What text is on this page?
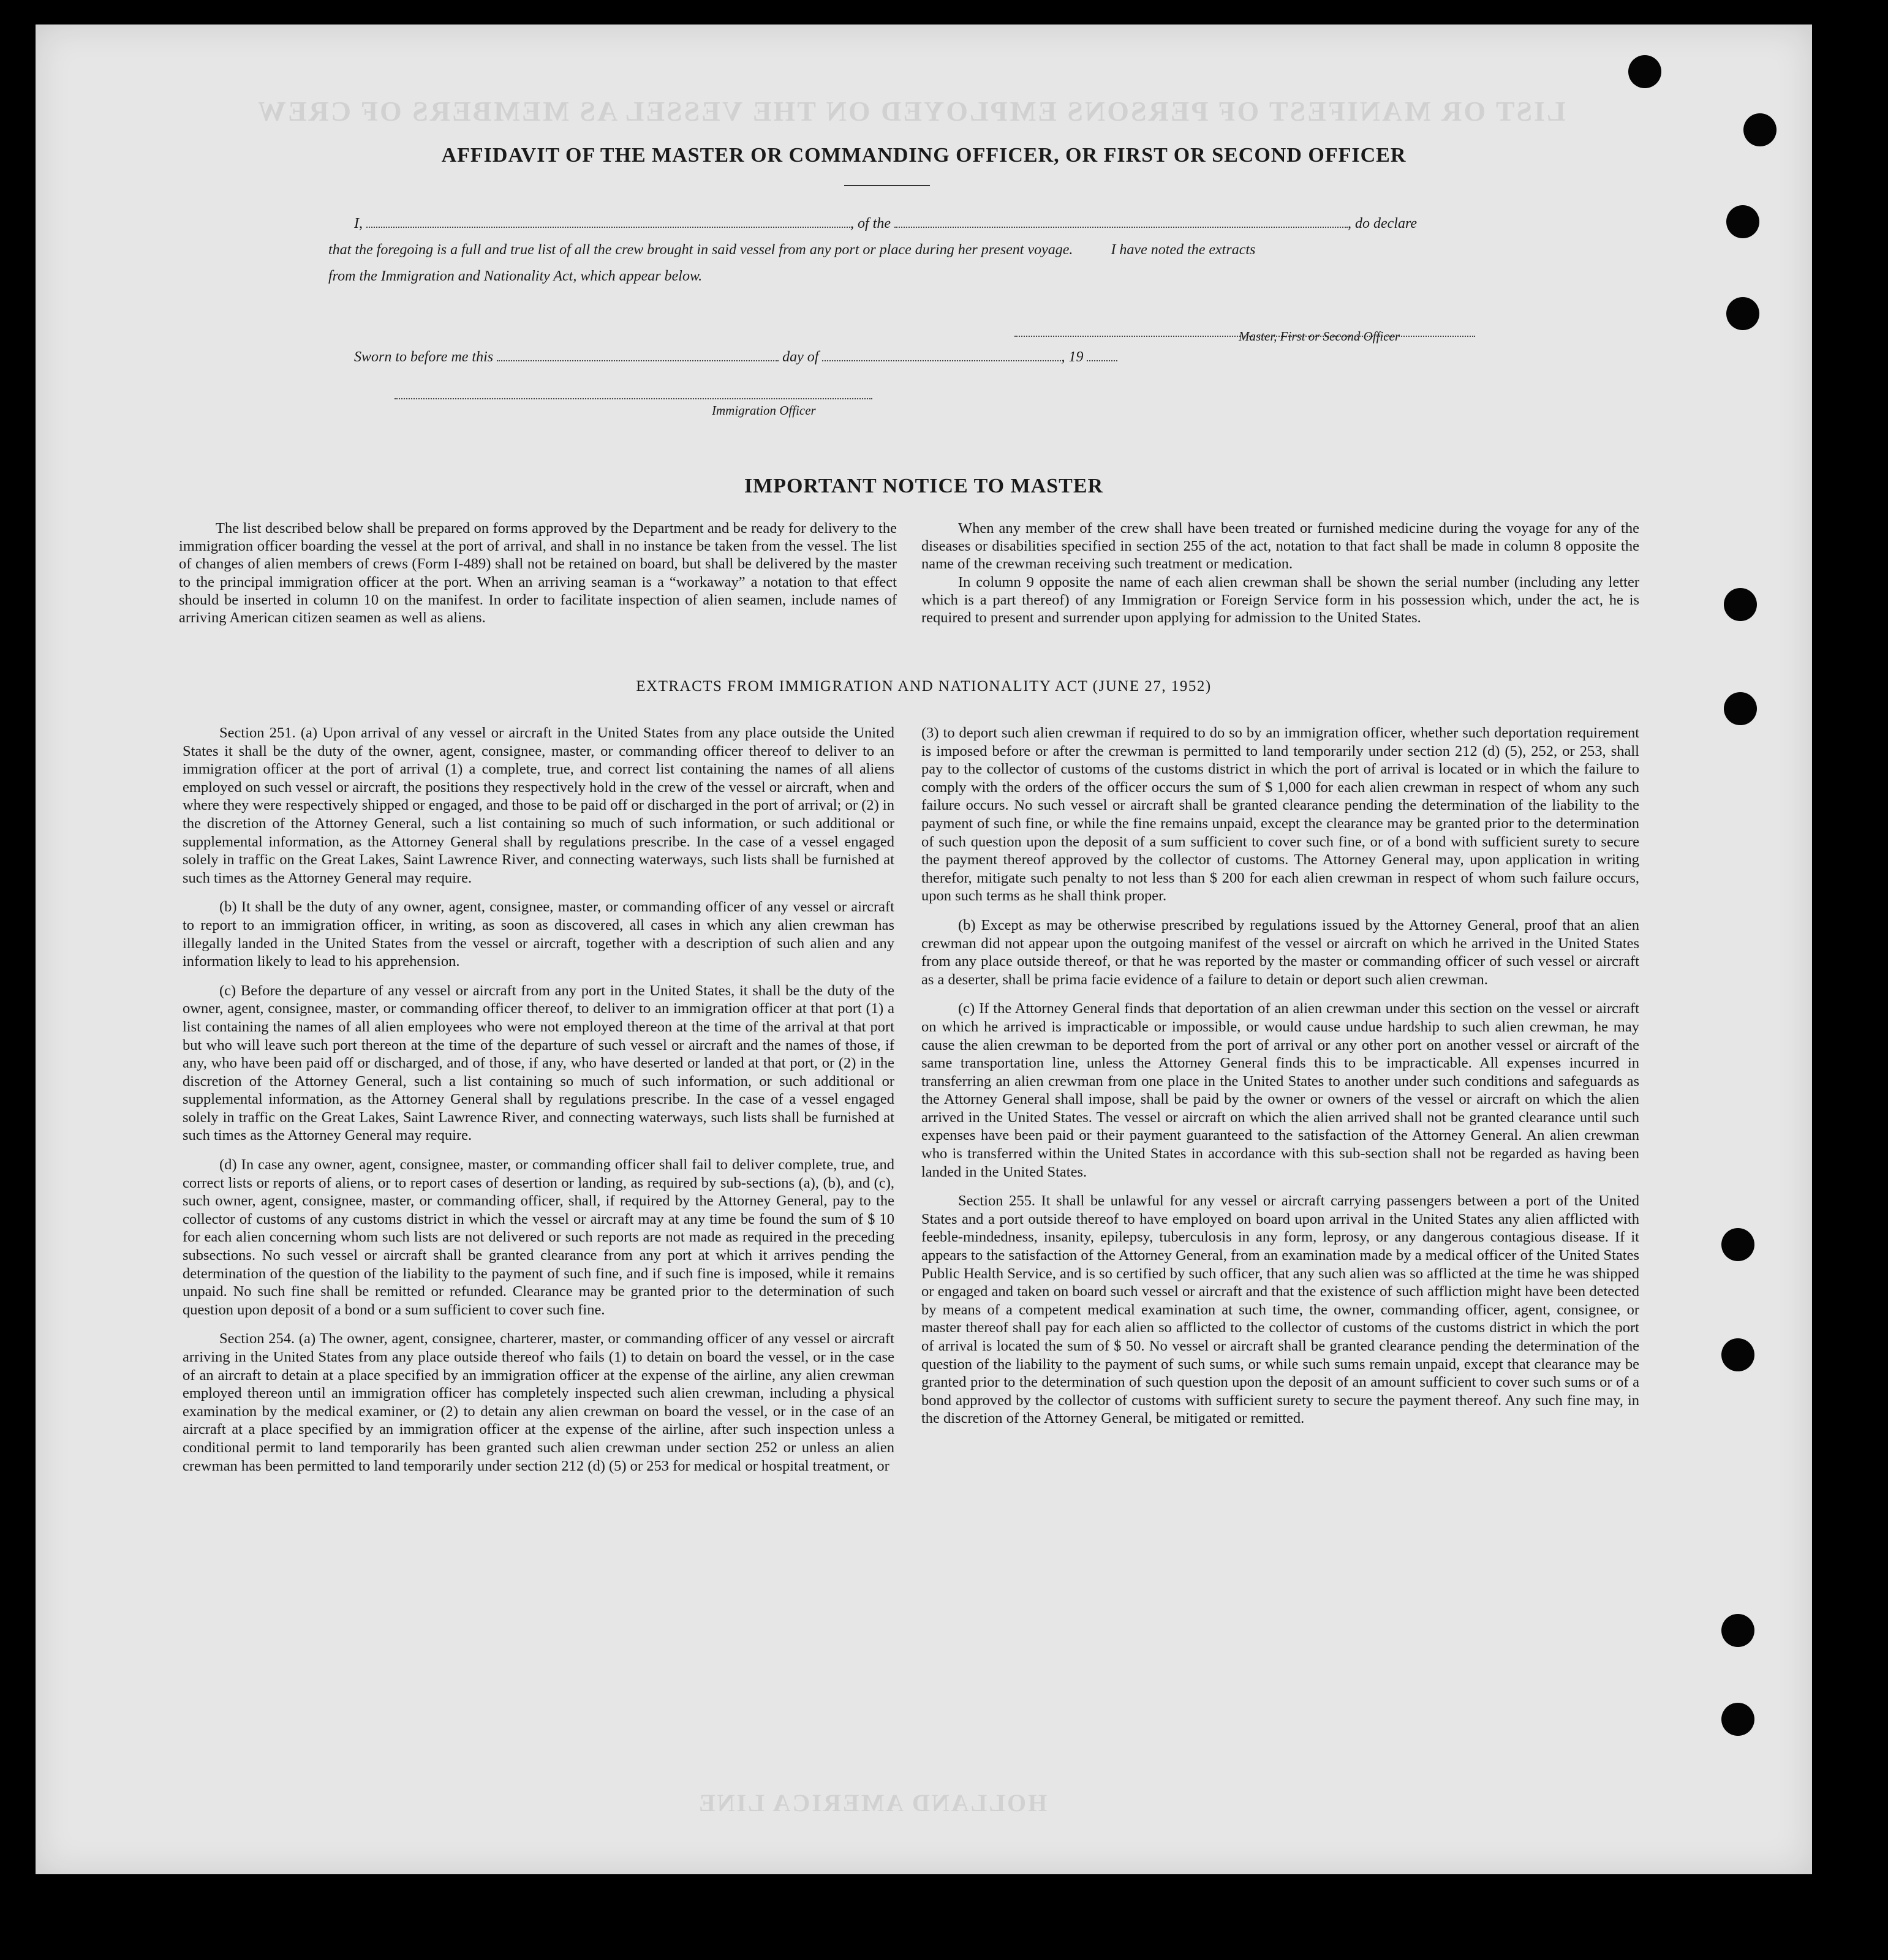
LIST OR MANIFEST OF PERSONS EMPLOYED ON THE VESSEL AS MEMBERS OF CREW
HOLLAND AMERICA LINE
AFFIDAVIT OF THE MASTER OR COMMANDING OFFICER, OR FIRST OR SECOND OFFICER
I,	, of the	, do declare
that the foregoing is a full and true list of all the crew brought in said vessel from any port or place during her present voyage.	I have noted the extracts
from the Immigration and Nationality Act, which appear below.
Master, First or Second Officer
Sworn to before me this	day of	, 19
Immigration Officer
IMPORTANT NOTICE TO MASTER

The list described below shall be prepared on forms approved by the Department and be ready for delivery to the immigration officer boarding the vessel at the port of arrival, and shall in no instance be taken from the vessel. The list of changes of alien members of crews (Form I-489) shall not be retained on board, but shall be delivered by the master to the principal immigration officer at the port. When an arriving seaman is a “workaway” a notation to that effect should be inserted in column 10 on the manifest. In order to facilitate inspection of alien seamen, include names of arriving American citizen seamen as well as aliens.

When any member of the crew shall have been treated or furnished medicine during the voyage for any of the diseases or disabilities specified in section 255 of the act, notation to that fact shall be made in column 8 opposite the name of the crewman receiving such treatment or medication.

In column 9 opposite the name of each alien crewman shall be shown the serial number (including any letter which is a part thereof) of any Immigration or Foreign Service form in his possession which, under the act, he is required to present and surrender upon applying for admission to the United States.

EXTRACTS FROM IMMIGRATION AND NATIONALITY ACT (JUNE 27, 1952)

Section 251. (a) Upon arrival of any vessel or aircraft in the United States from any place outside the United States it shall be the duty of the owner, agent, consignee, master, or commanding officer thereof to deliver to an immigration officer at the port of arrival (1) a complete, true, and correct list containing the names of all aliens employed on such vessel or aircraft, the positions they respectively hold in the crew of the vessel or aircraft, when and where they were respectively shipped or engaged, and those to be paid off or discharged in the port of arrival; or (2) in the discretion of the Attorney General, such a list containing so much of such information, or such additional or supplemental information, as the Attorney General shall by regulations prescribe. In the case of a vessel engaged solely in traffic on the Great Lakes, Saint Lawrence River, and connecting waterways, such lists shall be furnished at such times as the Attorney General may require.

(b) It shall be the duty of any owner, agent, consignee, master, or commanding officer of any vessel or aircraft to report to an immigration officer, in writing, as soon as discovered, all cases in which any alien crewman has illegally landed in the United States from the vessel or aircraft, together with a description of such alien and any information likely to lead to his apprehension.

(c) Before the departure of any vessel or aircraft from any port in the United States, it shall be the duty of the owner, agent, consignee, master, or commanding officer thereof, to deliver to an immigration officer at that port (1) a list containing the names of all alien employees who were not employed thereon at the time of the arrival at that port but who will leave such port thereon at the time of the departure of such vessel or aircraft and the names of those, if any, who have been paid off or discharged, and of those, if any, who have deserted or landed at that port, or (2) in the discretion of the Attorney General, such a list containing so much of such information, or such additional or supplemental information, as the Attorney General shall by regulations prescribe. In the case of a vessel engaged solely in traffic on the Great Lakes, Saint Lawrence River, and connecting waterways, such lists shall be furnished at such times as the Attorney General may require.

(d) In case any owner, agent, consignee, master, or commanding officer shall fail to deliver complete, true, and correct lists or reports of aliens, or to report cases of desertion or landing, as required by sub-sections (a), (b), and (c), such owner, agent, consignee, master, or commanding officer, shall, if required by the Attorney General, pay to the collector of customs of any customs district in which the vessel or aircraft may at any time be found the sum of $ 10 for each alien concerning whom such lists are not delivered or such reports are not made as required in the preceding subsections. No such vessel or aircraft shall be granted clearance from any port at which it arrives pending the determination of the question of the liability to the payment of such fine, and if such fine is imposed, while it remains unpaid. No such fine shall be remitted or refunded. Clearance may be granted prior to the determination of such question upon deposit of a bond or a sum sufficient to cover such fine.

Section 254. (a) The owner, agent, consignee, charterer, master, or commanding officer of any vessel or aircraft arriving in the United States from any place outside thereof who fails (1) to detain on board the vessel, or in the case of an aircraft to detain at a place specified by an immigration officer at the expense of the airline, any alien crewman employed thereon until an immigration officer has completely inspected such alien crewman, including a physical examination by the medical examiner, or (2) to detain any alien crewman on board the vessel, or in the case of an aircraft at a place specified by an immigration officer at the expense of the airline, after such inspection unless a conditional permit to land temporarily has been granted such alien crewman under section 252 or unless an alien crewman has been permitted to land temporarily under section 212 (d) (5) or 253 for medical or hospital treatment, or

(3) to deport such alien crewman if required to do so by an immigration officer, whether such deportation requirement is imposed before or after the crewman is permitted to land temporarily under section 212 (d) (5), 252, or 253, shall pay to the collector of customs of the customs district in which the port of arrival is located or in which the failure to comply with the orders of the officer occurs the sum of $ 1,000 for each alien crewman in respect of whom any such failure occurs. No such vessel or aircraft shall be granted clearance pending the determination of the liability to the payment of such fine, or while the fine remains unpaid, except the clearance may be granted prior to the determination of such question upon the deposit of a sum sufficient to cover such fine, or of a bond with sufficient surety to secure the payment thereof approved by the collector of customs. The Attorney General may, upon application in writing therefor, mitigate such penalty to not less than $ 200 for each alien crewman in respect of whom such failure occurs, upon such terms as he shall think proper.

(b) Except as may be otherwise prescribed by regulations issued by the Attorney General, proof that an alien crewman did not appear upon the outgoing manifest of the vessel or aircraft on which he arrived in the United States from any place outside thereof, or that he was reported by the master or commanding officer of such vessel or aircraft as a deserter, shall be prima facie evidence of a failure to detain or deport such alien crewman.

(c) If the Attorney General finds that deportation of an alien crewman under this section on the vessel or aircraft on which he arrived is impracticable or impossible, or would cause undue hardship to such alien crewman, he may cause the alien crewman to be deported from the port of arrival or any other port on another vessel or aircraft of the same transportation line, unless the Attorney General finds this to be impracticable. All expenses incurred in transferring an alien crewman from one place in the United States to another under such conditions and safeguards as the Attorney General shall impose, shall be paid by the owner or owners of the vessel or aircraft on which the alien arrived in the United States. The vessel or aircraft on which the alien arrived shall not be granted clearance until such expenses have been paid or their payment guaranteed to the satisfaction of the Attorney General. An alien crewman who is transferred within the United States in accordance with this sub-section shall not be regarded as having been landed in the United States.

Section 255. It shall be unlawful for any vessel or aircraft carrying passengers between a port of the United States and a port outside thereof to have employed on board upon arrival in the United States any alien afflicted with feeble-mindedness, insanity, epilepsy, tuberculosis in any form, leprosy, or any dangerous contagious disease. If it appears to the satisfaction of the Attorney General, from an examination made by a medical officer of the United States Public Health Service, and is so certified by such officer, that any such alien was so afflicted at the time he was shipped or engaged and taken on board such vessel or aircraft and that the existence of such affliction might have been detected by means of a competent medical examination at such time, the owner, commanding officer, agent, consignee, or master thereof shall pay for each alien so afflicted to the collector of customs of the customs district in which the port of arrival is located the sum of $ 50. No vessel or aircraft shall be granted clearance pending the determination of the question of the liability to the payment of such sums, or while such sums remain unpaid, except that clearance may be granted prior to the determination of such question upon the deposit of an amount sufficient to cover such sums or of a bond approved by the collector of customs with sufficient surety to secure the payment thereof. Any such fine may, in the discretion of the Attorney General, be mitigated or remitted.
